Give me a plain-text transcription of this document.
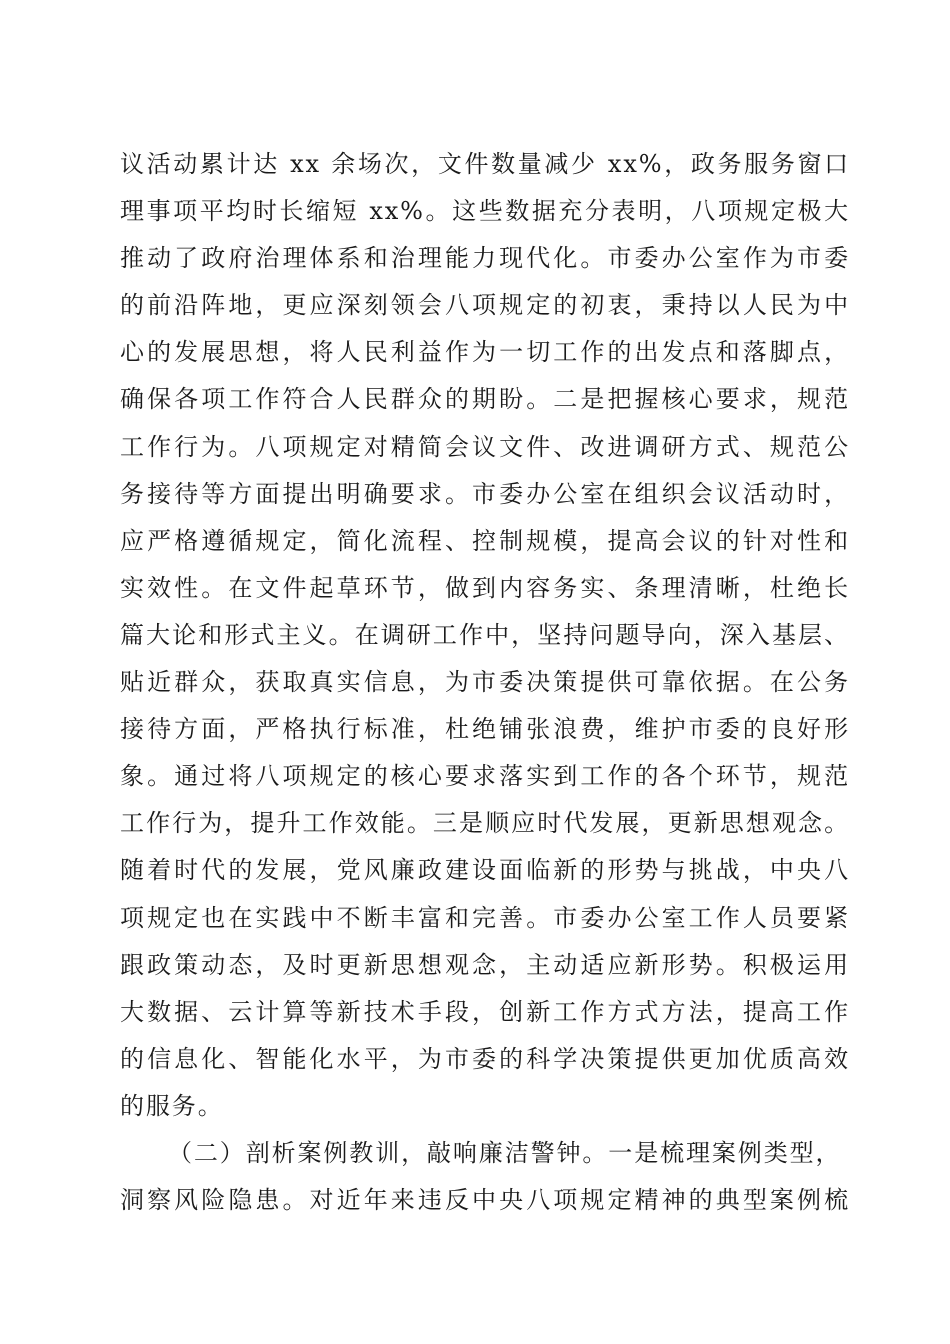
议活动累计达 xx 余场次，文件数量减少 xx%，政务服务窗口
理事项平均时长缩短 xx%。这些数据充分表明，八项规定极大
推动了政府治理体系和治理能力现代化。市委办公室作为市委
的前沿阵地，更应深刻领会八项规定的初衷，秉持以人民为中
心的发展思想，将人民利益作为一切工作的出发点和落脚点，
确保各项工作符合人民群众的期盼。二是把握核心要求，规范
工作行为。八项规定对精简会议文件、改进调研方式、规范公
务接待等方面提出明确要求。市委办公室在组织会议活动时，
应严格遵循规定，简化流程、控制规模，提高会议的针对性和
实效性。在文件起草环节，做到内容务实、条理清晰，杜绝长
篇大论和形式主义。在调研工作中，坚持问题导向，深入基层、
贴近群众，获取真实信息，为市委决策提供可靠依据。在公务
接待方面，严格执行标准，杜绝铺张浪费，维护市委的良好形
象。通过将八项规定的核心要求落实到工作的各个环节，规范
工作行为，提升工作效能。三是顺应时代发展，更新思想观念。
随着时代的发展，党风廉政建设面临新的形势与挑战，中央八
项规定也在实践中不断丰富和完善。市委办公室工作人员要紧
跟政策动态，及时更新思想观念，主动适应新形势。积极运用
大数据、云计算等新技术手段，创新工作方式方法，提高工作
的信息化、智能化水平，为市委的科学决策提供更加优质高效
的服务。
（二）剖析案例教训，敲响廉洁警钟。一是梳理案例类型，
洞察风险隐患。对近年来违反中央八项规定精神的典型案例梳
